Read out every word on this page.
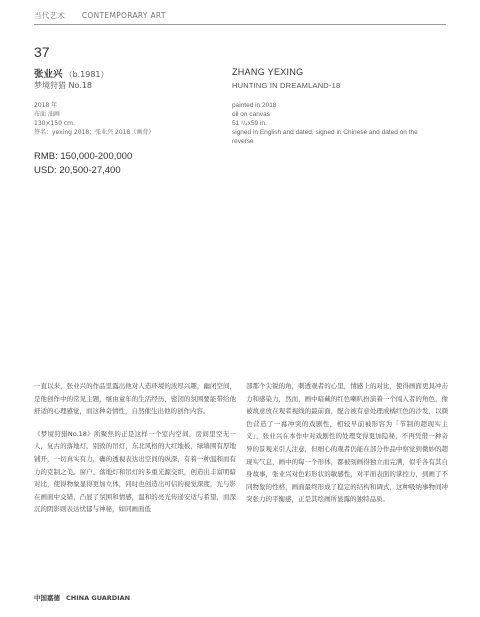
当代艺术 CONTEMPORARY ART
37
张业兴 （b.1981）
梦境狩猎 No.18
2018 年
布面 油画
130×150 cm.
签名：yexing 2018；张业兴 2018（画背）
RMB: 150,000-200,000
USD: 20,500-27,400
ZHANG YEXING
HUNTING IN DREAMLAND-18
painted in 2018
oil on canvas
51 ¹/₄x59 in.
signed in English and dated, signed in Chinese and dated on the
reverse

一直以来，张业兴的作品里露出他对人造环境的浓厚兴趣，幽闭空间，是他创作中的常见主题，继由童年的生活经历，密闭的氛围要能带给他舒适的心理感觉，而这种奇情性，自然催生出他的创作内容。

《梦境狩猎No.18》所聚焦的正是这样一个室内空间，房间里空无一人，复古的落地灯，别致的吊灯，东北风格的大红地板，绿墙围有厚地铺开，一切真实有力，确的透视表达出空间的纵深，有着一种温和而有力的克制之美。窗户、落地灯和吊灯的多重光源交织，创造出丰富明暗对比，使得物象显得更加立体，同时也创造出可信的视觉深度，光与影在画面中交错，凸显了氛围和情感，温和的亮光传递安适与希望，而深沉的阴影则表达忧郁与神秘，如同画面低

部那个尖锐的角，刺透观者的心里，情感上的对比，使得画面更具冲击力和感染力，然而，画中暗藏的红色喇叭扮演着一个闯入者的角色，像被故意放在观者视线的最前面，配合被有意处理成橘红色的沙发，以颜色营造了一幕冲突的戏剧性，相较早前被形容为「节制的超现实主义」，张业兴在本作中对戏剧性的处理变得更加隐秘，不再凭借一种奇异的景观来引人注意，但细心的观者仍能在部分作品中察觉到微妙的超现实气息，画中的每一个形体，都被刻画得独立而完满，似乎各有其自身故事，张业兴对色彩形状的敏感性，对平面表面的掌控力，到画了不同物象的性格，画面最终形成了稳定的结构和调式，这种吸纳事物间冲突张力的平衡感，正是其绘画所显露的独特品质。

中国嘉德 CHINA GUARDIAN
